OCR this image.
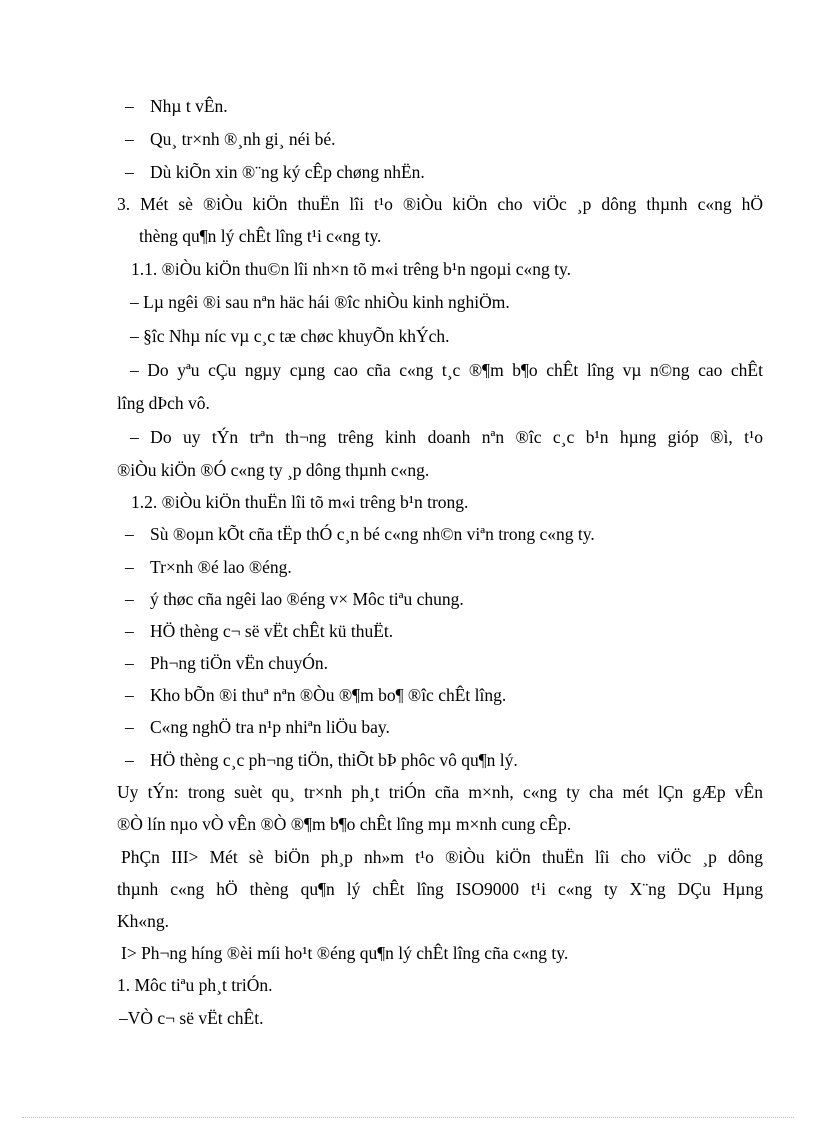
– Nhµ t vÊn.
– Qu¸ tr×nh ®¸nh gi¸ néi bé.
– Dù kiÕn xin ®¨ng ký cÊp chøng nhËn.
3. Mét sè ®iÒu kiÖn thuËn lîi t¹o ®iÒu kiÖn cho viÖc ¸p dông thµnh c«ng hÖ
thèng qu¶n lý chÊt lîng t¹i c«ng ty.
1.1. ®iÒu kiÖn thu©n lîi nh×n tõ m«i trêng b¹n ngoµi c«ng ty.
– Lµ ngêi ®i sau nªn häc hái ®îc nhiÒu kinh nghiÖm.
– §îc Nhµ níc vµ c¸c tæ chøc khuyÕn khÝch.
– Do yªu cÇu ngµy cµng cao cña c«ng t¸c ®¶m b¶o chÊt lîng vµ n©ng cao chÊt
lîng dÞch vô.
– Do uy tÝn trªn th¬ng trêng kinh doanh nªn ®îc c¸c b¹n hµng gióp ®ì, t¹o
®iÒu kiÖn ®Ó c«ng ty ¸p dông thµnh c«ng.
1.2. ®iÒu kiÖn thuËn lîi tõ m«i trêng b¹n trong.
– Sù ®oµn kÕt cña tËp thÓ c¸n bé c«ng nh©n viªn trong c«ng ty.
– Tr×nh ®é lao ®éng.
– ý thøc cña ngêi lao ®éng v× Môc tiªu chung.
– HÖ thèng c¬ së vËt chÊt kü thuËt.
– Ph¬ng tiÖn vËn chuyÓn.
– Kho bÕn ®i thuª nªn ®Òu ®¶m bo¶ ®îc chÊt lîng.
– C«ng nghÖ tra n¹p nhiªn liÖu bay.
– HÖ thèng c¸c ph¬ng tiÖn, thiÕt bÞ phôc vô qu¶n lý.
Uy tÝn: trong suèt qu¸ tr×nh ph¸t triÓn cña m×nh, c«ng ty cha mét lÇn gÆp vÊn
®Ò lín nµo vÒ vÊn ®Ò ®¶m b¶o chÊt lîng mµ m×nh cung cÊp.
PhÇn III> Mét sè biÖn ph¸p nh»m t¹o ®iÒu kiÖn thuËn lîi cho viÖc ¸p dông
thµnh c«ng hÖ thèng qu¶n lý chÊt lîng ISO9000 t¹i c«ng ty X¨ng DÇu Hµng
Kh«ng.
I> Ph¬ng híng ®èi míi ho¹t ®éng qu¶n lý chÊt lîng cña c«ng ty.
1. Môc tiªu ph¸t triÓn.
–VÒ c¬ së vËt chÊt.
